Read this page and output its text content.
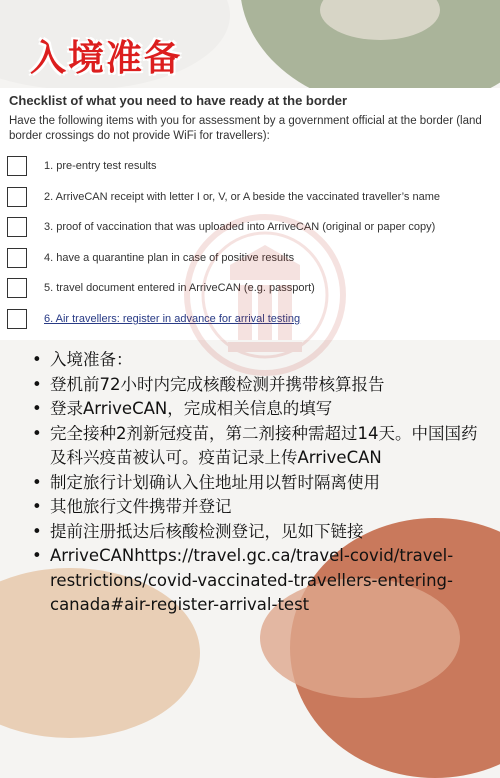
入境准备
Checklist of what you need to have ready at the border
Have the following items with you for assessment by a government official at the border (land border crossings do not provide WiFi for travellers):
1. pre-entry test results
2. ArriveCAN receipt with letter I or, V, or A beside the vaccinated traveller’s name
3. proof of vaccination that was uploaded into ArriveCAN (original or paper copy)
4. have a quarantine plan in case of positive results
5. travel document entered in ArriveCAN (e.g. passport)
6. Air travellers: register in advance for arrival testing
• 入境准备：
• 登机前72小时内完成核酸检测并携带核算报告
• 登录ArriveCAN，完成相关信息的填写
• 完全接种2剂新冠疫苗，第二剂接种需超过14天。中国国药及科兴疫苗被认可。疫苗记录上传ArriveCAN
• 制定旅行计划确认入住地址用以暂时隔离使用
• 其他旅行文件携带并登记
• 提前注册抵达后核酸检测登记，见如下链接
• ArriveCANhttps://travel.gc.ca/travel-covid/travel-restrictions/covid-vaccinated-travellers-entering-canada#air-register-arrival-test
